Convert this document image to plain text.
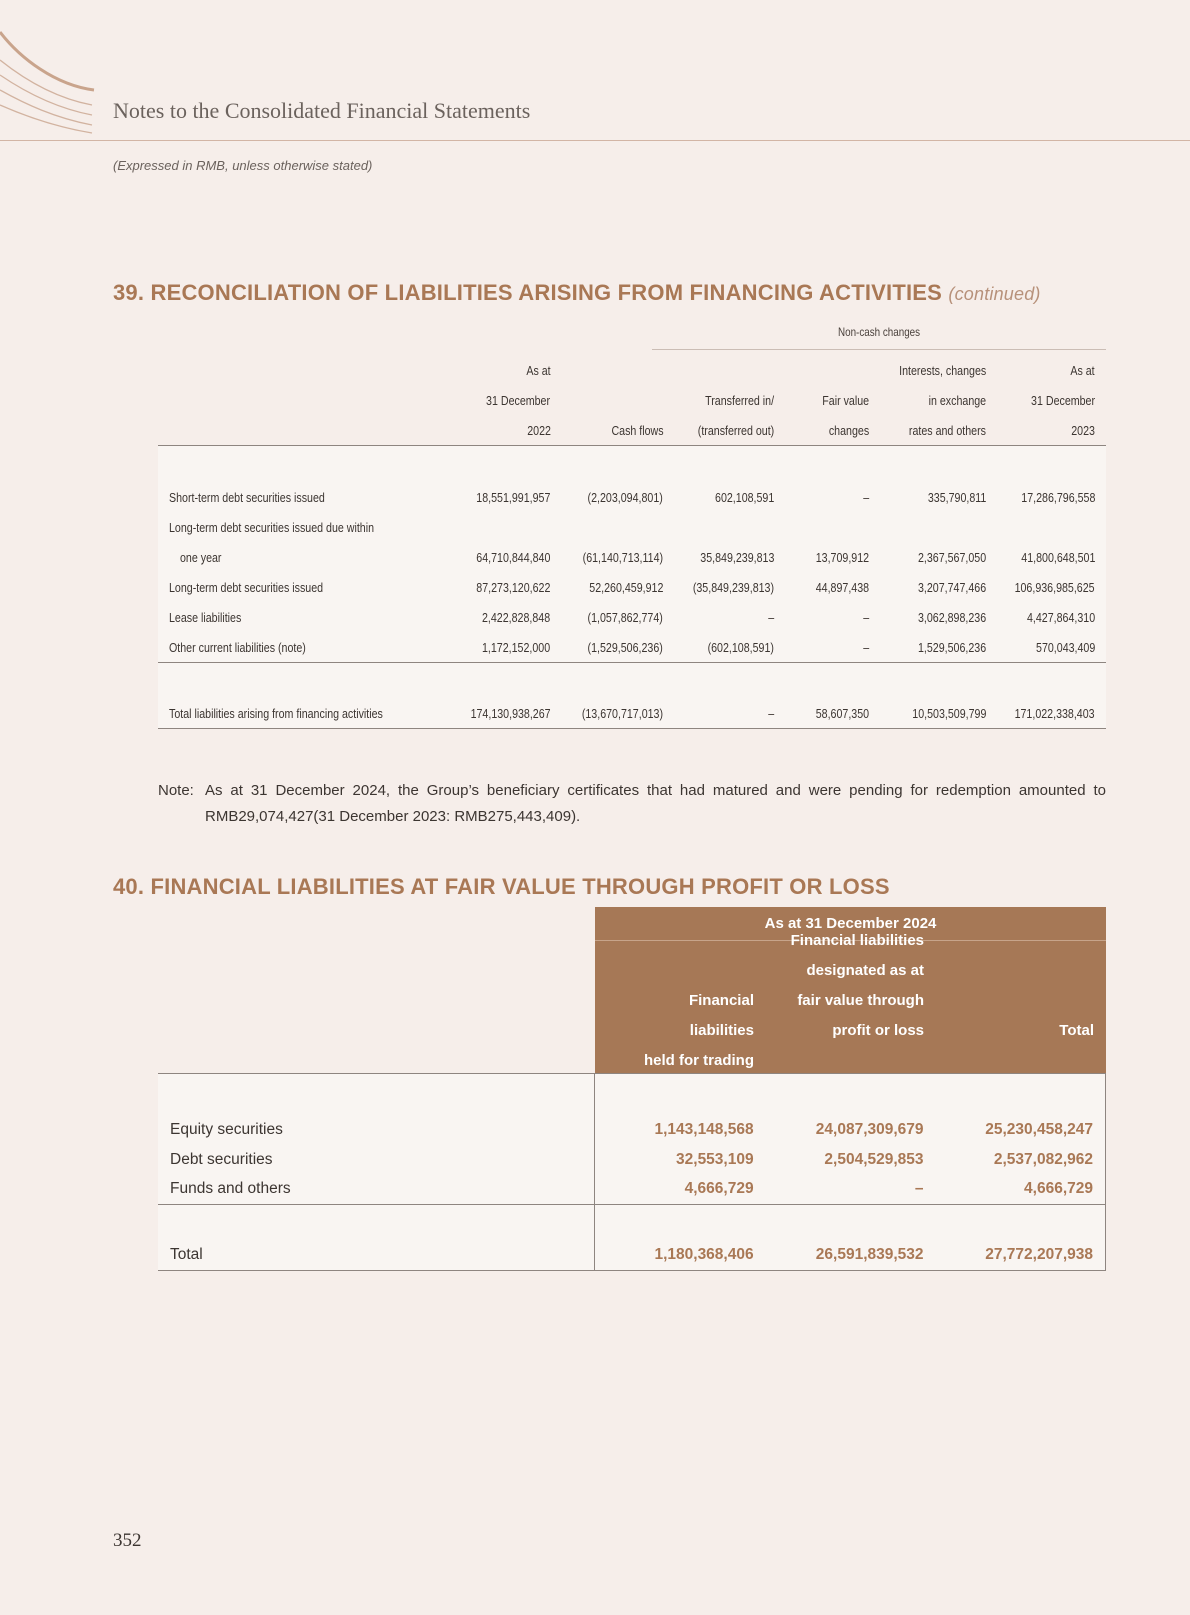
Notes to the Consolidated Financial Statements
(Expressed in RMB, unless otherwise stated)
39. RECONCILIATION OF LIABILITIES ARISING FROM FINANCING ACTIVITIES (continued)
Non-cash changes
	As at				Interests, changes	As at
	31 December		Transferred in/	Fair value	in exchange	31 December
	2022	Cash flows	(transferred out)	changes	rates and others	2023

Short-term debt securities issued	18,551,991,957	(2,203,094,801)	602,108,591	–	335,790,811	17,286,796,558
Long-term debt securities issued due within						
one year	64,710,844,840	(61,140,713,114)	35,849,239,813	13,709,912	2,367,567,050	41,800,648,501
Long-term debt securities issued	87,273,120,622	52,260,459,912	(35,849,239,813)	44,897,438	3,207,747,466	106,936,985,625
Lease liabilities	2,422,828,848	(1,057,862,774)	–	–	3,062,898,236	4,427,864,310
Other current liabilities (note)	1,172,152,000	(1,529,506,236)	(602,108,591)	–	1,529,506,236	570,043,409

Total liabilities arising from financing activities	174,130,938,267	(13,670,717,013)	–	58,607,350	10,503,509,799	171,022,338,403
Note: As at 31 December 2024, the Group’s beneficiary certificates that had matured and were pending for redemption amounted to RMB29,074,427(31 December 2023: RMB275,443,409).
40. FINANCIAL LIABILITIES AT FAIR VALUE THROUGH PROFIT OR LOSS
As at 31 December 2024

Financial
liabilities
held for trading
Financial liabilities
designated as at
fair value through
profit or loss	Total

Equity securities	1,143,148,568	24,087,309,679	25,230,458,247
Debt securities	32,553,109	2,504,529,853	2,537,082,962
Funds and others	4,666,729	–	4,666,729

Total	1,180,368,406	26,591,839,532	27,772,207,938
352
